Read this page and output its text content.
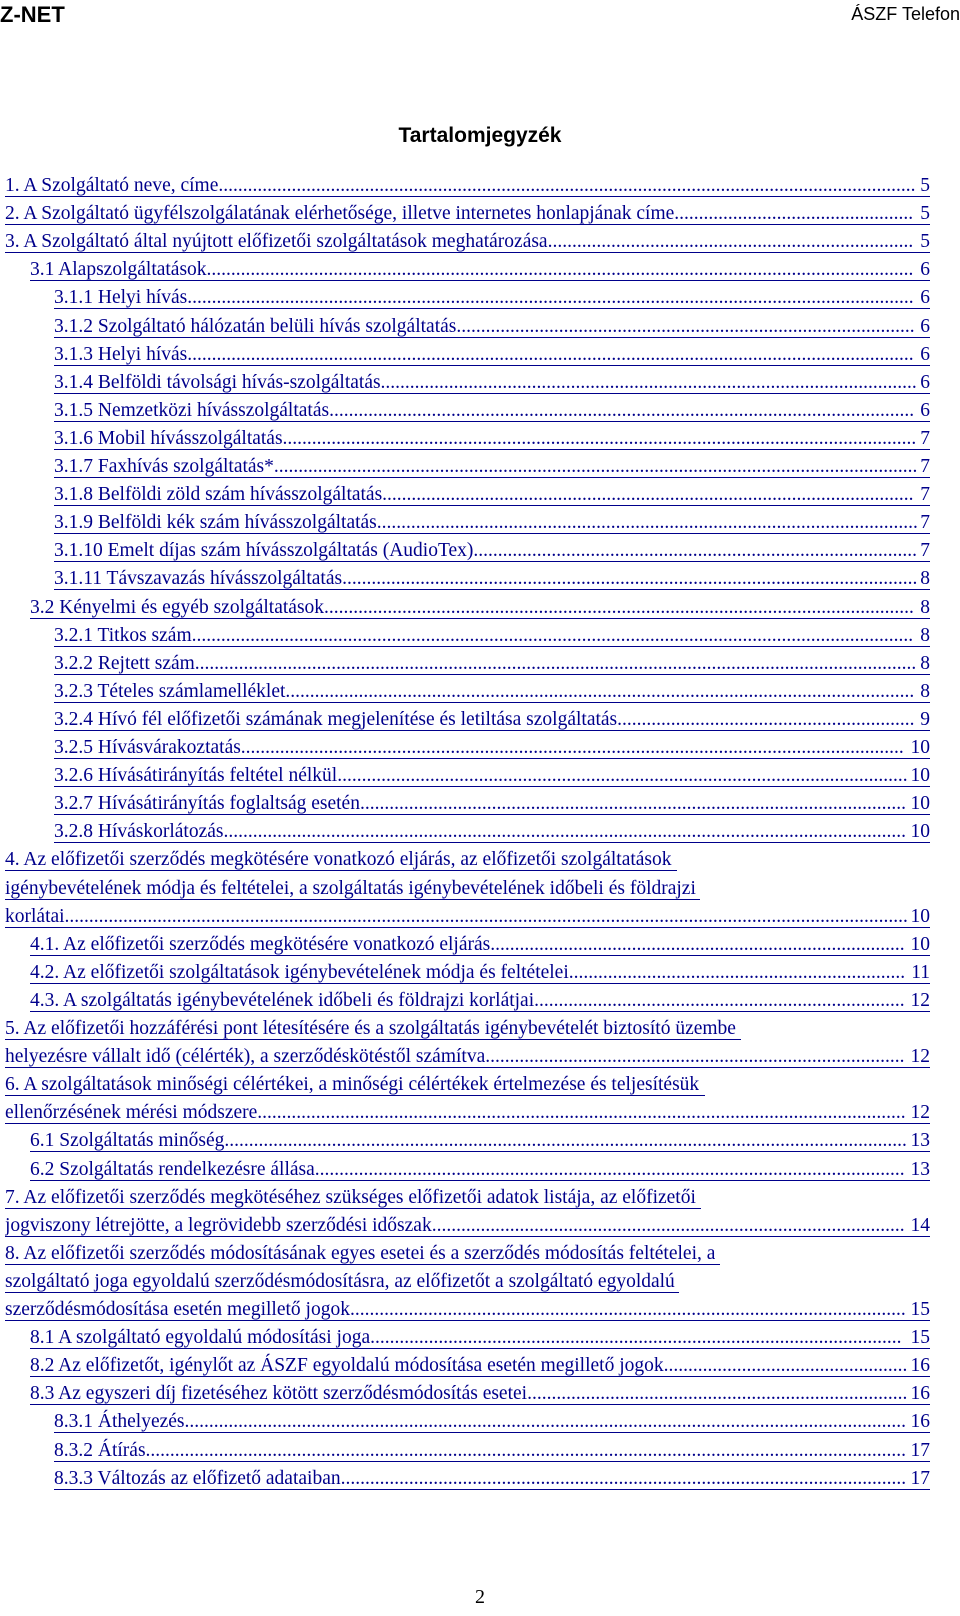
Z-NET	ÁSZF Telefon
Tartalomjegyzék
1. A Szolgáltató neve, címe............................................................................................................................................... 5
2. A Szolgáltató ügyfélszolgálatának elérhetősége, illetve internetes honlapjának címe................................................. 5
3. A Szolgáltató által nyújtott előfizetői szolgáltatások meghatározása........................................................................... 5
3.1 Alapszolgáltatások................................................................................................................................................. 6
3.1.1 Helyi hívás..................................................................................................................................................... 6
3.1.2 Szolgáltató hálózatán belüli hívás szolgáltatás.............................................................................................. 6
3.1.3 Helyi hívás..................................................................................................................................................... 6
3.1.4 Belföldi távolsági hívás-szolgáltatás.............................................................................................................. 6
3.1.5 Nemzetközi hívásszolgáltatás........................................................................................................................ 6
3.1.6 Mobil hívásszolgáltatás.................................................................................................................................. 7
3.1.7 Faxhívás szolgáltatás*.................................................................................................................................... 7
3.1.8 Belföldi zöld szám hívásszolgáltatás............................................................................................................. 7
3.1.9 Belföldi kék szám hívásszolgáltatás............................................................................................................... 7
3.1.10 Emelt díjas szám hívásszolgáltatás (AudioTex)........................................................................................... 7
3.1.11 Távszavazás hívásszolgáltatás...................................................................................................................... 8
3.2 Kényelmi és egyéb szolgáltatások......................................................................................................................... 8
3.2.1 Titkos szám.................................................................................................................................................... 8
3.2.2 Rejtett szám.................................................................................................................................................... 8
3.2.3 Tételes számlamelléklet................................................................................................................................. 8
3.2.4 Hívó fél előfizetői számának megjelenítése és letiltása szolgáltatás............................................................. 9
3.2.5 Hívásvárakoztatás........................................................................................................................................ 10
3.2.6 Hívásátirányítás feltétel nélkül..................................................................................................................... 10
3.2.7 Hívásátirányítás foglaltság esetén................................................................................................................ 10
3.2.8 Híváskorlátozás............................................................................................................................................ 10
4. Az előfizetői szerződés megkötésére vonatkozó eljárás, az előfizetői szolgáltatások
igénybevételének módja és feltételei, a szolgáltatás igénybevételének időbeli és földrajzi
korlátai............................................................................................................................................................................. 10
4.1. Az előfizetői szerződés megkötésére vonatkozó eljárás..................................................................................... 10
4.2. Az előfizetői szolgáltatások igénybevételének módja és feltételei..................................................................... 11
4.3. A szolgáltatás igénybevételének időbeli és földrajzi korlátjai............................................................................ 12
5. Az előfizetői hozzáférési pont létesítésére és a szolgáltatás igénybevételét biztosító üzembe
helyezésre vállalt idő (célérték), a szerződéskötéstől számítva...................................................................................... 12
6. A szolgáltatások minőségi célértékei, a minőségi célértékek értelmezése és teljesítésük
ellenőrzésének mérési módszere..................................................................................................................................... 12
6.1 Szolgáltatás minőség............................................................................................................................................ 13
6.2 Szolgáltatás rendelkezésre állása......................................................................................................................... 13
7. Az előfizetői szerződés megkötéséhez szükséges előfizetői adatok listája, az előfizetői
jogviszony létrejötte, a legrövidebb szerződési időszak................................................................................................. 14
8. Az előfizetői szerződés módosításának egyes esetei és a szerződés módosítás feltételei, a
szolgáltató joga egyoldalú szerződésmódosításra, az előfizetőt a szolgáltató egyoldalú
szerződésmódosítása esetén megillető jogok.................................................................................................................. 15
8.1 A szolgáltató egyoldalú módosítási joga............................................................................................................. 15
8.2 Az előfizetőt, igénylőt az ÁSZF egyoldalú módosítása esetén megillető jogok.................................................. 16
8.3 Az egyszeri díj fizetéséhez kötött szerződésmódosítás esetei.............................................................................. 16
8.3.1 Áthelyezés.................................................................................................................................................... 16
8.3.2 Átírás............................................................................................................................................................ 17
8.3.3 Változás az előfizető adataiban.................................................................................................................... 17
2
